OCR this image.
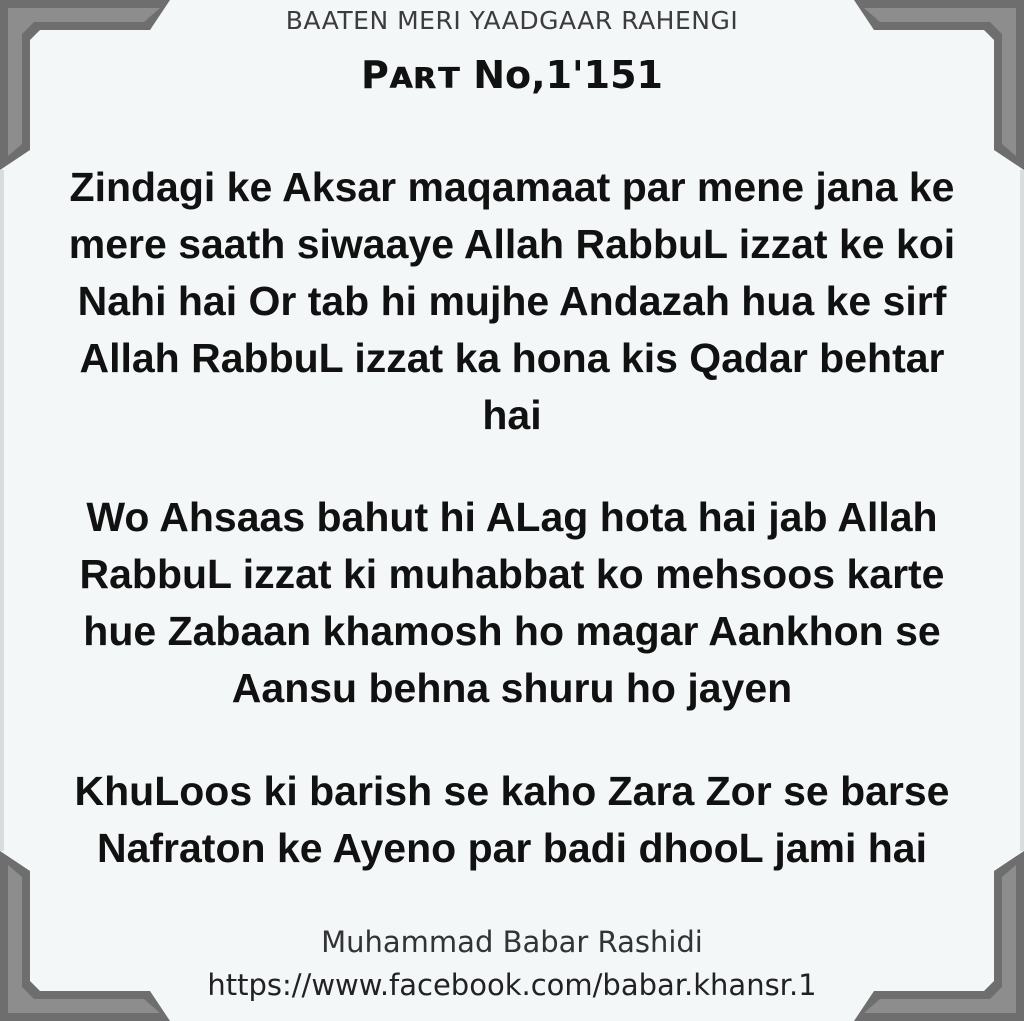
BAATEN MERI YAADGAAR RAHENGI
Pᴀʀᴛ No,1'151
Zindagi ke Aksar maqamaat par mene jana ke
mere saath siwaaye Allah RabbuL izzat ke koi
Nahi hai Or tab hi mujhe Andazah hua ke sirf
Allah RabbuL izzat ka hona kis Qadar behtar
hai
Wo Ahsaas bahut hi ALag hota hai jab Allah
RabbuL izzat ki muhabbat ko mehsoos karte
hue Zabaan khamosh ho magar Aankhon se
Aansu behna shuru ho jayen
KhuLoos ki barish se kaho Zara Zor se barse
Nafraton ke Ayeno par badi dhooL jami hai
Muhammad Babar Rashidi
https://www.facebook.com/babar.khansr.1
